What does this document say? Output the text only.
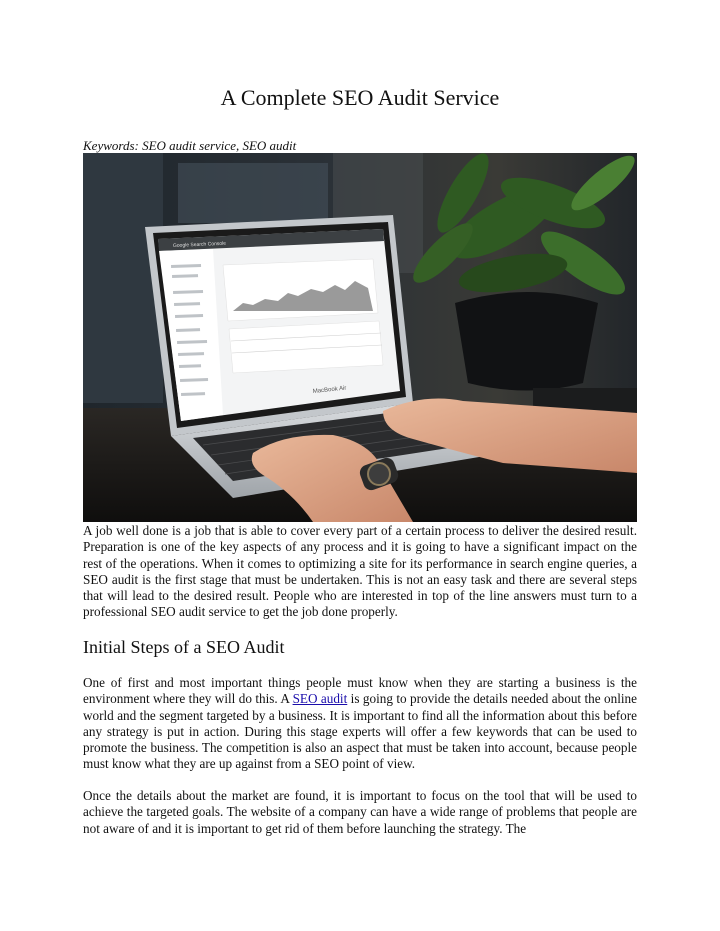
A Complete SEO Audit Service
Keywords: SEO audit service, SEO audit
Google Search Console
MacBook Air

A job well done is a job that is able to cover every part of a certain process to deliver the desired result. Preparation is one of the key aspects of any process and it is going to have a significant impact on the rest of the operations. When it comes to optimizing a site for its performance in search engine queries, a SEO audit is the first stage that must be undertaken. This is not an easy task and there are several steps that will lead to the desired result. People who are interested in top of the line answers must turn to a professional SEO audit service to get the job done properly.

Initial Steps of a SEO Audit

One of first and most important things people must know when they are starting a business is the environment where they will do this. A SEO audit is going to provide the details needed about the online world and the segment targeted by a business. It is important to find all the information about this before any strategy is put in action. During this stage experts will offer a few keywords that can be used to promote the business. The competition is also an aspect that must be taken into account, because people must know what they are up against from a SEO point of view.

Once the details about the market are found, it is important to focus on the tool that will be used to achieve the targeted goals. The website of a company can have a wide range of problems that people are not aware of and it is important to get rid of them before launching the strategy. The
